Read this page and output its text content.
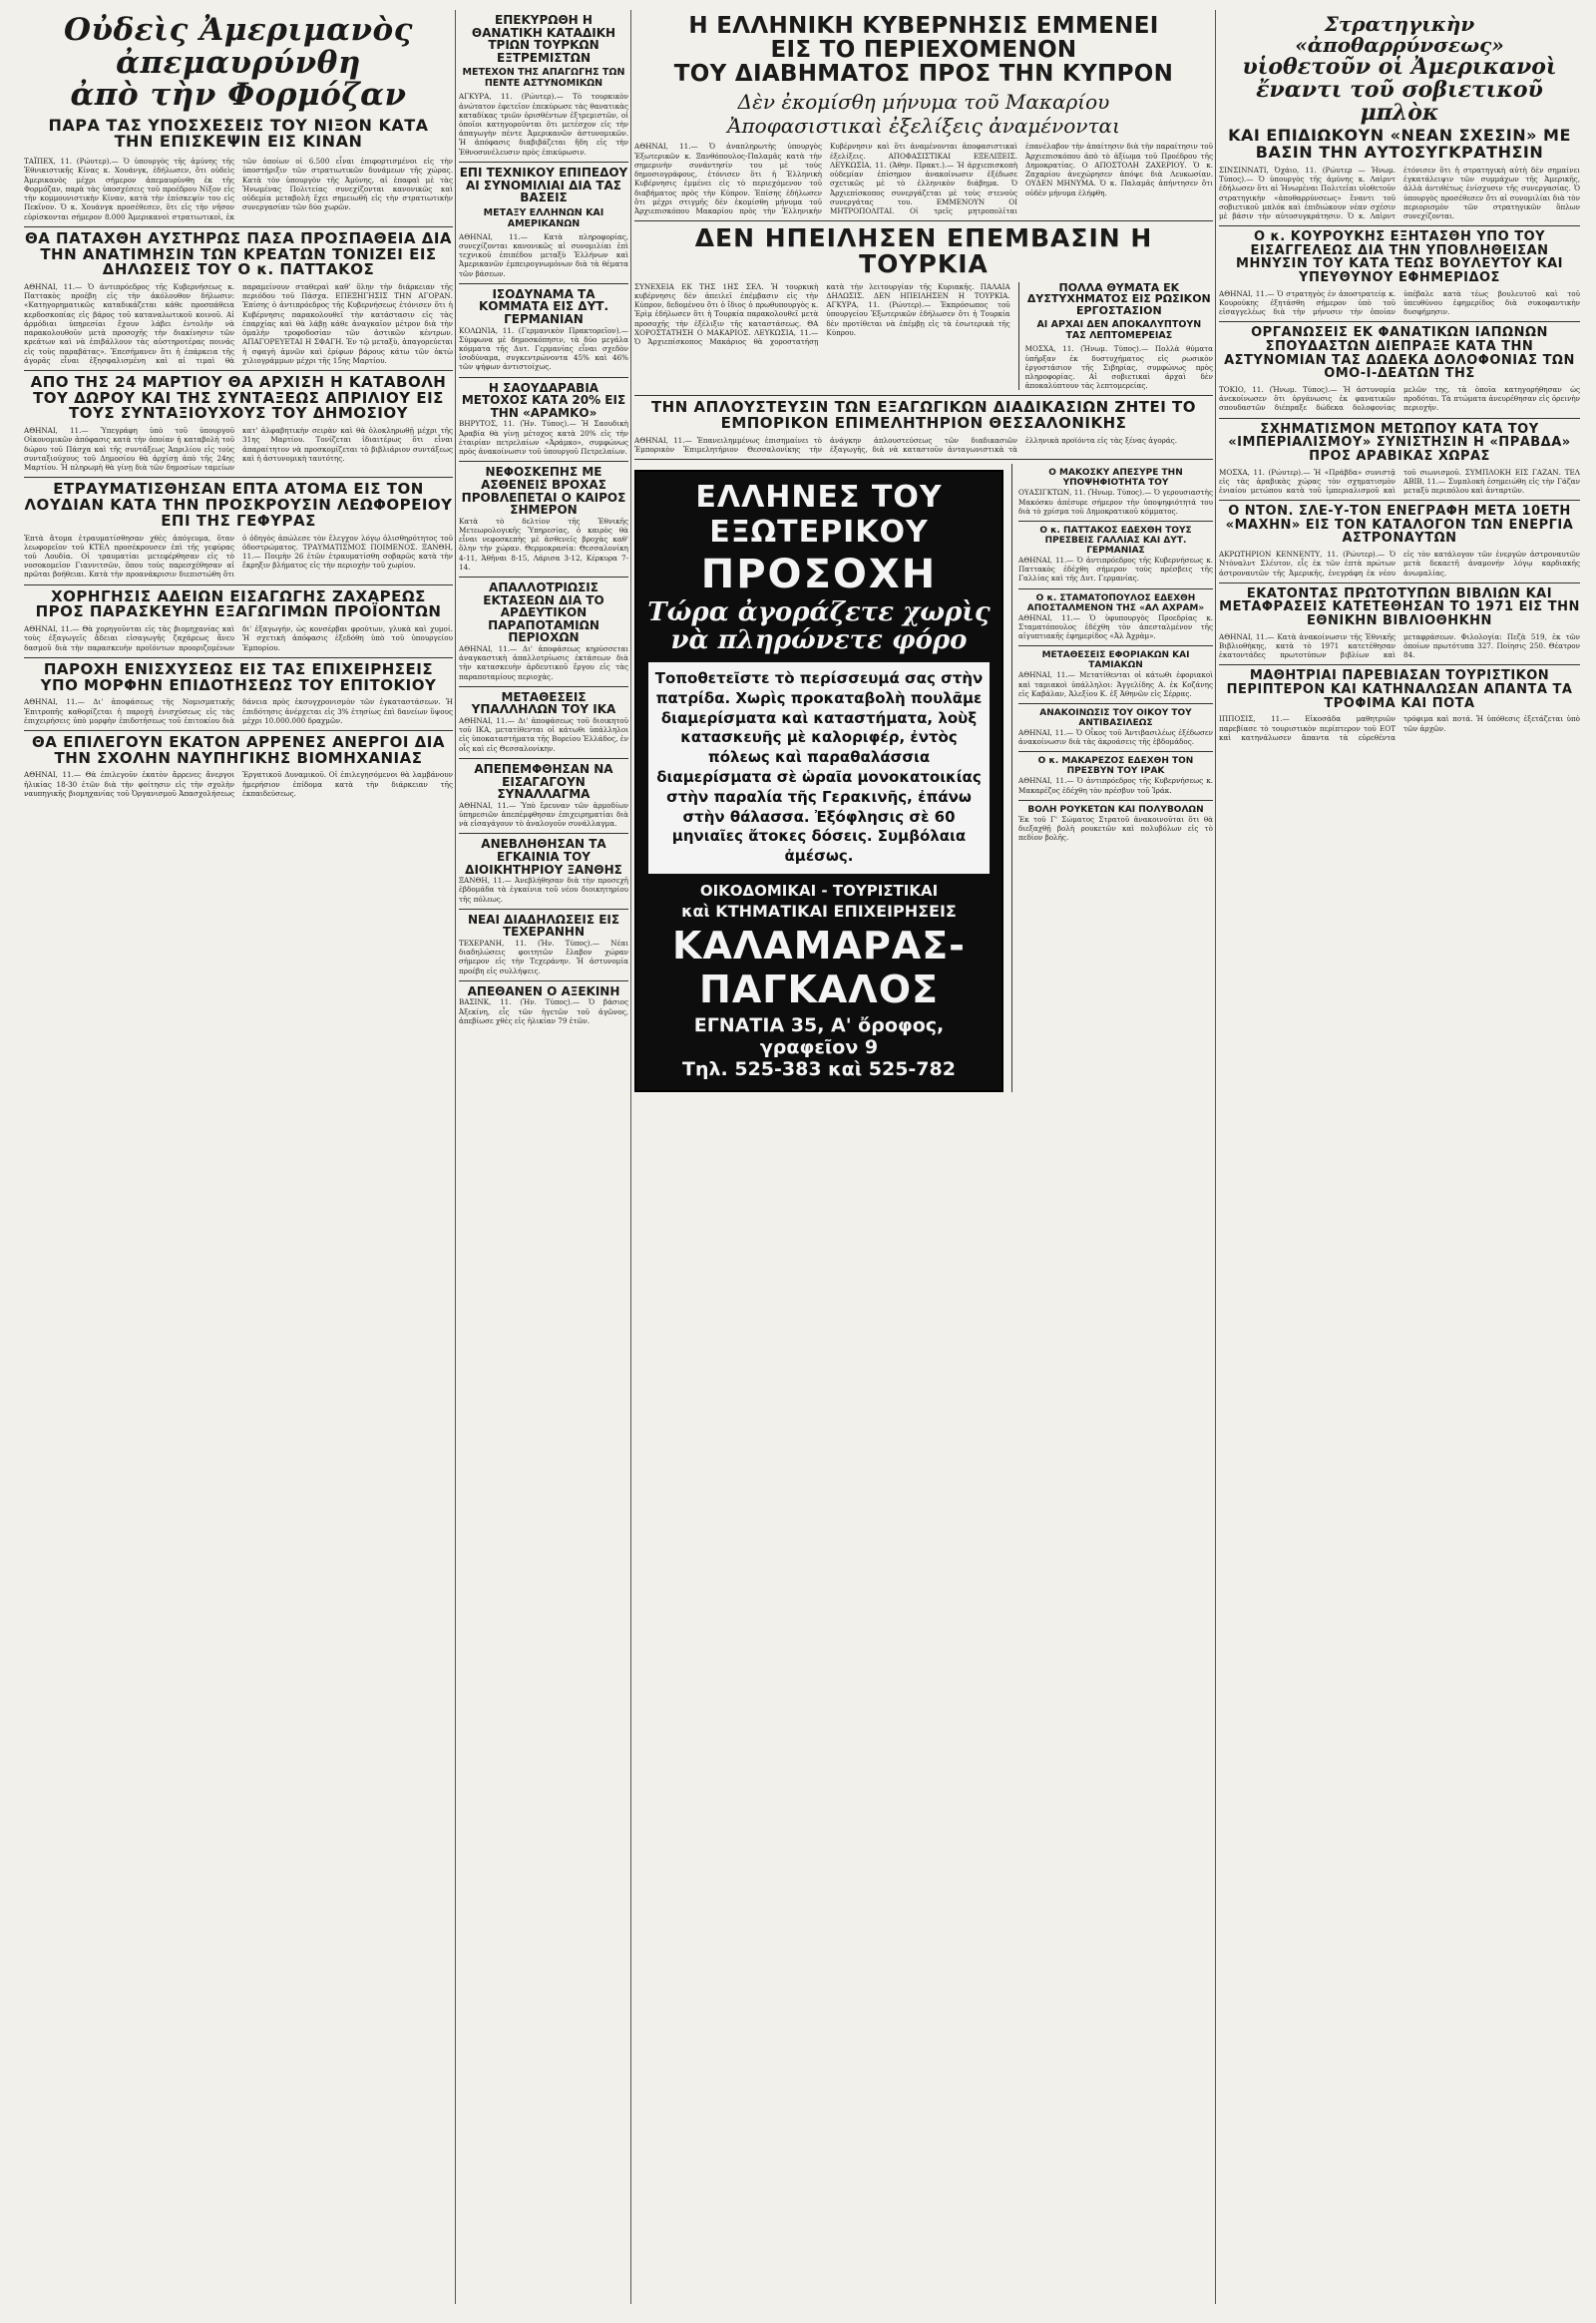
Οὐδεὶς Ἀμεριμανὸς
ἀπεμαυρύνθη
ἀπὸ τὴν Φορμόζαν
ΠΑΡΑ ΤΑΣ ΥΠΟΣΧΕΣΕΙΣ ΤΟΥ ΝΙΞΟΝ ΚΑΤΑ ΤΗΝ ΕΠΙΣΚΕΨΙΝ ΕΙΣ ΚΙΝΑΝ
ΤΑΪΠΕΧ, 11. (Ρώυτερ).— Ὁ ὑπουργὸς τῆς ἀμύνης τῆς Ἐθνικιστικῆς Κίνας κ. Χουάνγκ, ἐδήλωσεν, ὅτι οὐδεὶς Ἀμερικανὸς μέχρι σήμερον ἀπεμαυρύνθη ἐκ τῆς Φορμόζαν, παρὰ τὰς ὑποσχέσεις τοῦ προέδρου Νίξον εἰς τὴν κομμουνιστικὴν Κίναν, κατὰ τὴν ἐπίσκεψίν του εἰς Πεκῖνον. Ὁ κ. Χουάνγκ προσέθεσεν, ὅτι εἰς τὴν νῆσον εὑρίσκονται σήμερον 8.000 Ἀμερικανοὶ στρατιωτικοὶ, ἐκ τῶν ὁποίων οἱ 6.500 εἶναι ἐπιφορτισμένοι εἰς τὴν ὑποστήριξιν τῶν στρατιωτικῶν δυνάμεων τῆς χώρας. Κατὰ τὸν ὑπουργὸν τῆς Ἀμύνης, αἱ ἐπαφαὶ μὲ τὰς Ἡνωμένας Πολιτείας συνεχίζονται κανονικῶς καὶ οὐδεμία μεταβολὴ ἔχει σημειωθῆ εἰς τὴν στρατιωτικὴν συνεργασίαν τῶν δύο χωρῶν.
ΘΑ ΠΑΤΑΧΘΗ ΑΥΣΤΗΡΩΣ ΠΑΣΑ ΠΡΟΣΠΑΘΕΙΑ ΔΙΑ ΤΗΝ ΑΝΑΤΙΜΗΣΙΝ ΤΩΝ ΚΡΕΑΤΩΝ ΤΟΝΙΖΕΙ ΕΙΣ ΔΗΛΩΣΕΙΣ ΤΟΥ Ο κ. ΠΑΤΤΑΚΟΣ
ΑΘΗΝΑΙ, 11.— Ὁ ἀντιπρόεδρος τῆς Κυβερνήσεως κ. Παττακὸς προέβη εἰς τὴν ἀκόλουθον δήλωσιν: «Κατηγορηματικῶς καταδικάζεται κάθε προσπάθεια κερδοσκοπίας εἰς βάρος τοῦ καταναλωτικοῦ κοινοῦ. Αἱ ἁρμόδιαι ὑπηρεσίαι ἔχουν λάβει ἐντολὴν νὰ παρακολουθοῦν μετὰ προσοχῆς τὴν διακίνησιν τῶν κρεάτων καὶ νὰ ἐπιβάλλουν τὰς αὐστηροτέρας ποινάς εἰς τοὺς παραβάτας». Ἐπεσήμανεν ὅτι ἡ ἐπάρκεια τῆς ἀγορᾶς εἶναι ἐξησφαλισμένη καὶ αἱ τιμαὶ θὰ παραμείνουν σταθεραὶ καθ' ὅλην τὴν διάρκειαν τῆς περιόδου τοῦ Πάσχα. ΕΠΕΞΗΓΗΣΙΣ ΤΗΝ ΑΓΟΡΑΝ. Ἐπίσης ὁ ἀντιπρόεδρος τῆς Κυβερνήσεως ἐτόνισεν ὅτι ἡ Κυβέρνησις παρακολουθεῖ τὴν κατάστασιν εἰς τὰς ἐπαρχίας καὶ θὰ λάβῃ κάθε ἀναγκαῖον μέτρον διὰ τὴν ὁμαλὴν τροφοδοσίαν τῶν ἀστικῶν κέντρων. ΑΠΑΓΟΡΕΥΕΤΑΙ Η ΣΦΑΓΗ. Ἐν τῷ μεταξὺ, ἀπαγορεύεται ἡ σφαγὴ ἀμνῶν καὶ ἐρίφων βάρους κάτω τῶν ὀκτὼ χιλιογράμμων μέχρι τῆς 15ης Μαρτίου.
ΑΠΟ ΤΗΣ 24 ΜΑΡΤΙΟΥ ΘΑ ΑΡΧΙΣΗ Η ΚΑΤΑΒΟΛΗ ΤΟΥ ΔΩΡΟΥ ΚΑΙ ΤΗΣ ΣΥΝΤΑΞΕΩΣ ΑΠΡΙΛΙΟΥ ΕΙΣ ΤΟΥΣ ΣΥΝΤΑΞΙΟΥΧΟΥΣ ΤΟΥ ΔΗΜΟΣΙΟΥ
ΑΘΗΝΑΙ, 11.— Ὑπεγράφη ὑπὸ τοῦ ὑπουργοῦ Οἰκονομικῶν ἀπόφασις κατὰ τὴν ὁποίαν ἡ καταβολὴ τοῦ δώρου τοῦ Πάσχα καὶ τῆς συντάξεως Ἀπριλίου εἰς τοὺς συνταξιούχους τοῦ Δημοσίου θὰ ἀρχίσῃ ἀπὸ τῆς 24ης Μαρτίου. Ἡ πληρωμὴ θὰ γίνῃ διὰ τῶν δημοσίων ταμείων κατ' ἀλφαβητικὴν σειρὰν καὶ θὰ ὁλοκληρωθῇ μέχρι τῆς 31ης Μαρτίου. Τονίζεται ἰδιαιτέρως ὅτι εἶναι ἀπαραίτητον νὰ προσκομίζεται τὸ βιβλιάριον συντάξεως καὶ ἡ ἀστυνομικὴ ταυτότης.
ΕΤΡΑΥΜΑΤΙΣΘΗΣΑΝ ΕΠΤΑ ΑΤΟΜΑ ΕΙΣ ΤΟΝ ΛΟΥΔΙΑΝ ΚΑΤΑ ΤΗΝ ΠΡΟΣΚΡΟΥΣΙΝ ΛΕΩΦΟΡΕΙΟΥ ΕΠΙ ΤΗΣ ΓΕΦΥΡΑΣ
Ἑπτὰ ἄτομα ἐτραυματίσθησαν χθὲς ἀπόγευμα, ὅταν λεωφορεῖον τοῦ ΚΤΕΛ προσέκρουσεν ἐπὶ τῆς γεφύρας τοῦ Λουδία. Οἱ τραυματίαι μετεφέρθησαν εἰς τὸ νοσοκομεῖον Γιαννιτσῶν, ὅπου τοὺς παρεσχέθησαν αἱ πρῶται βοήθειαι. Κατὰ τὴν προανάκρισιν διεπιστώθη ὅτι ὁ ὁδηγὸς ἀπώλεσε τὸν ἔλεγχον λόγῳ ὀλισθηρότητος τοῦ ὁδοστρώματος. ΤΡΑΥΜΑΤΙΣΜΟΣ ΠΟΙΜΕΝΟΣ. ΞΑΝΘΗ, 11.— Ποιμὴν 26 ἐτῶν ἐτραυματίσθη σοβαρῶς κατὰ τὴν ἔκρηξιν βλήματος εἰς τὴν περιοχὴν τοῦ χωρίου.
ΧΟΡΗΓΗΣΙΣ ΑΔΕΙΩΝ ΕΙΣΑΓΩΓΗΣ ΖΑΧΑΡΕΩΣ ΠΡΟΣ ΠΑΡΑΣΚΕΥΗΝ ΕΞΑΓΩΓΙΜΩΝ ΠΡΟΪΟΝΤΩΝ
ΑΘΗΝΑΙ, 11.— Θὰ χορηγοῦνται εἰς τὰς βιομηχανίας καὶ τοὺς ἐξαγωγεῖς ἄδειαι εἰσαγωγῆς ζαχάρεως ἄνευ δασμοῦ διὰ τὴν παρασκευὴν προϊόντων προοριζομένων δι' ἐξαγωγήν, ὡς κονσέρβαι φρούτων, γλυκὰ καὶ χυμοί. Ἡ σχετικὴ ἀπόφασις ἐξεδόθη ὑπὸ τοῦ ὑπουργείου Ἐμπορίου.
ΠΑΡΟΧΗ ΕΝΙΣΧΥΣΕΩΣ ΕΙΣ ΤΑΣ ΕΠΙΧΕΙΡΗΣΕΙΣ ΥΠΟ ΜΟΡΦΗΝ ΕΠΙΔΟΤΗΣΕΩΣ ΤΟΥ ΕΠΙΤΟΚΙΟΥ
ΑΘΗΝΑΙ, 11.— Δι' ἀποφάσεως τῆς Νομισματικῆς Ἐπιτροπῆς καθορίζεται ἡ παροχὴ ἐνισχύσεως εἰς τὰς ἐπιχειρήσεις ὑπὸ μορφὴν ἐπιδοτήσεως τοῦ ἐπιτοκίου διὰ δάνεια πρὸς ἐκσυγχρονισμὸν τῶν ἐγκαταστάσεων. Ἡ ἐπιδότησις ἀνέρχεται εἰς 3% ἐτησίως ἐπὶ δανείων ὕψους μέχρι 10.000.000 δραχμῶν.
ΘΑ ΕΠΙΛΕΓΟΥΝ ΕΚΑΤΟΝ ΑΡΡΕΝΕΣ ΑΝΕΡΓΟΙ ΔΙΑ ΤΗΝ ΣΧΟΛΗΝ ΝΑΥΠΗΓΙΚΗΣ ΒΙΟΜΗΧΑΝΙΑΣ
ΑΘΗΝΑΙ, 11.— Θὰ ἐπιλεγοῦν ἑκατὸν ἄρρενες ἄνεργοι ἡλικίας 18-30 ἐτῶν διὰ τὴν φοίτησιν εἰς τὴν σχολὴν ναυπηγικῆς βιομηχανίας τοῦ Ὀργανισμοῦ Ἀπασχολήσεως Ἐργατικοῦ Δυναμικοῦ. Οἱ ἐπιλεγησόμενοι θὰ λαμβάνουν ἡμερήσιον ἐπίδομα κατὰ τὴν διάρκειαν τῆς ἐκπαιδεύσεως.
ΕΠΕΚΥΡΩΘΗ Η ΘΑΝΑΤΙΚΗ ΚΑΤΑΔΙΚΗ ΤΡΙΩΝ ΤΟΥΡΚΩΝ ΕΞΤΡΕΜΙΣΤΩΝ
ΜΕΤΕΧΟΝ ΤΗΣ ΑΠΑΓΩΓΗΣ ΤΩΝ ΠΕΝΤΕ ΑΣΤΥΝΟΜΙΚΩΝ
ΑΓΚΥΡΑ, 11. (Ρώυτερ).— Τὸ τουρκικὸν ἀνώτατον ἐφετεῖον ἐπεκύρωσε τὰς θανατικὰς καταδίκας τριῶν ὁρισθέντων ἐξτρεμιστῶν, οἱ ὁποῖοι κατηγοροῦνται ὅτι μετέσχον εἰς τὴν ἀπαγωγὴν πέντε Ἀμερικανῶν ἀστυνομικῶν. Ἡ ἀπόφασις διαβιβάζεται ἤδη εἰς τὴν Ἐθνοσυνέλευσιν πρὸς ἐπικύρωσιν.
ΕΠΙ ΤΕΧΝΙΚΟΥ ΕΠΙΠΕΔΟΥ ΑΙ ΣΥΝΟΜΙΛΙΑΙ ΔΙΑ ΤΑΣ ΒΑΣΕΙΣ
ΜΕΤΑΞΥ ΕΛΛΗΝΩΝ ΚΑΙ ΑΜΕΡΙΚΑΝΩΝ
ΑΘΗΝΑΙ, 11.— Κατὰ πληροφορίας, συνεχίζονται κανονικῶς αἱ συνομιλίαι ἐπὶ τεχνικοῦ ἐπιπέδου μεταξὺ Ἑλλήνων καὶ Ἀμερικανῶν ἐμπειρογνωμόνων διὰ τὰ θέματα τῶν βάσεων.
ΙΣΟΔΥΝΑΜΑ ΤΑ ΚΟΜΜΑΤΑ ΕΙΣ ΔΥΤ. ΓΕΡΜΑΝΙΑΝ
ΚΟΛΩΝΙΑ, 11. (Γερμανικὸν Πρακτορεῖον).— Σύμφωνα μὲ δημοσκόπησιν, τὰ δύο μεγάλα κόμματα τῆς Δυτ. Γερμανίας εἶναι σχεδὸν ἰσοδύναμα, συγκεντρώνοντα 45% καὶ 46% τῶν ψήφων ἀντιστοίχως.
Η ΣΑΟΥΔΑΡΑΒΙΑ ΜΕΤΟΧΟΣ ΚΑΤΑ 20% ΕΙΣ ΤΗΝ «ΑΡΑΜΚΟ»
ΒΗΡΥΤΟΣ, 11. (Ἡν. Τύπος).— Ἡ Σαουδικὴ Ἀραβία θὰ γίνῃ μέτοχος κατὰ 20% εἰς τὴν ἑταιρίαν πετρελαίων «Ἀράμκο», συμφώνως πρὸς ἀνακοίνωσιν τοῦ ὑπουργοῦ Πετρελαίων.
ΝΕΦΟΣΚΕΠΗΣ ΜΕ ΑΣΘΕΝΕΙΣ ΒΡΟΧΑΣ ΠΡΟΒΛΕΠΕΤΑΙ Ο ΚΑΙΡΟΣ ΣΗΜΕΡΟΝ
Κατὰ τὸ δελτίον τῆς Ἐθνικῆς Μετεωρολογικῆς Ὑπηρεσίας, ὁ καιρὸς θὰ εἶναι νεφοσκεπὴς μὲ ἀσθενεῖς βροχὰς καθ' ὅλην τὴν χώραν. Θερμοκρασία: Θεσσαλονίκη 4-11, Ἀθῆναι 8-15, Λάρισα 3-12, Κέρκυρα 7-14.
ΑΠΑΛΛΟΤΡΙΩΣΙΣ ΕΚΤΑΣΕΩΝ ΔΙΑ ΤΟ ΑΡΔΕΥΤΙΚΟΝ ΠΑΡΑΠΟΤΑΜΙΩΝ ΠΕΡΙΟΧΩΝ
ΑΘΗΝΑΙ, 11.— Δι' ἀποφάσεως κηρύσσεται ἀναγκαστικὴ ἀπαλλοτρίωσις ἐκτάσεων διὰ τὴν κατασκευὴν ἀρδευτικοῦ ἔργου εἰς τὰς παραποταμίους περιοχάς.
ΜΕΤΑΘΕΣΕΙΣ ΥΠΑΛΛΗΛΩΝ ΤΟΥ ΙΚΑ
ΑΘΗΝΑΙ, 11.— Δι' ἀποφάσεως τοῦ διοικητοῦ τοῦ ΙΚΑ, μετατίθενται οἱ κάτωθι ὑπάλληλοι εἰς ὑποκαταστήματα τῆς Βορείου Ἑλλάδος, ἐν οἷς καὶ εἰς Θεσσαλονίκην.
ΑΠΕΠΕΜΦΘΗΣΑΝ ΝΑ ΕΙΣΑΓΑΓΟΥΝ ΣΥΝΑΛΛΑΓΜΑ
ΑΘΗΝΑΙ, 11.— Ὑπὸ ἔρευναν τῶν ἁρμοδίων ὑπηρεσιῶν ἀπεπέμφθησαν ἐπιχειρηματίαι διὰ νὰ εἰσαγάγουν τὸ ἀναλογοῦν συνάλλαγμα.
ΑΝΕΒΛΗΘΗΣΑΝ ΤΑ ΕΓΚΑΙΝΙΑ ΤΟΥ ΔΙΟΙΚΗΤΗΡΙΟΥ ΞΑΝΘΗΣ
ΞΑΝΘΗ, 11.— Ἀνεβλήθησαν διὰ τὴν προσεχῆ ἑβδομάδα τὰ ἐγκαίνια τοῦ νέου διοικητηρίου τῆς πόλεως.
ΝΕΑΙ ΔΙΑΔΗΛΩΣΕΙΣ ΕΙΣ ΤΕΧΕΡΑΝΗΝ
ΤΕΧΕΡΑΝΗ, 11. (Ἡν. Τύπος).— Νέαι διαδηλώσεις φοιτητῶν ἔλαβον χώραν σήμερον εἰς τὴν Τεχεράνην. Ἡ ἀστυνομία προέβη εἰς συλλήψεις.
ΑΠΕΘΑΝΕΝ Ο ΑΞΕΚΙΝΗ
ΒΑΣΙΝΚ, 11. (Ἡν. Τύπος).— Ὁ βάσιος Ἀξεκίνη, εἷς τῶν ἡγετῶν τοῦ ἀγῶνος, ἀπεβίωσε χθὲς εἰς ἡλικίαν 79 ἐτῶν.
Η ΕΛΛΗΝΙΚΗ ΚΥΒΕΡΝΗΣΙΣ ΕΜΜΕΝΕΙ
ΕΙΣ ΤΟ ΠΕΡΙΕΧΟΜΕΝΟΝ
ΤΟΥ ΔΙΑΒΗΜΑΤΟΣ ΠΡΟΣ ΤΗΝ ΚΥΠΡΟΝ
Δὲν ἐκομίσθη μήνυμα τοῦ Μακαρίου
Ἀποφασιστικαὶ ἐξελίξεις ἀναμένονται
ΑΘΗΝΑΙ, 11.— Ὁ ἀναπληρωτὴς ὑπουργὸς Ἐξωτερικῶν κ. Ξανθόπουλος-Παλαμᾶς κατὰ τὴν σημερινὴν συνάντησίν του μὲ τοὺς δημοσιογράφους, ἐτόνισεν ὅτι ἡ Ἑλληνικὴ Κυβέρνησις ἐμμένει εἰς τὸ περιεχόμενον τοῦ διαβήματος πρὸς τὴν Κύπρον. Ἐπίσης ἐδήλωσεν ὅτι μέχρι στιγμῆς δὲν ἐκομίσθη μήνυμα τοῦ Ἀρχιεπισκόπου Μακαρίου πρὸς τὴν Ἑλληνικὴν Κυβέρνησιν καὶ ὅτι ἀναμένονται ἀποφασιστικαὶ ἐξελίξεις. ΑΠΟΦΑΣΙΣΤΙΚΑΙ ΕΞΕΛΙΞΕΙΣ. ΛΕΥΚΩΣΙΑ, 11. (Ἀθην. Πρακτ.).— Ἡ ἀρχιεπισκοπὴ οὐδεμίαν ἐπίσημον ἀνακοίνωσιν ἐξέδωσε σχετικῶς μὲ τὸ ἑλληνικὸν διάβημα. Ὁ Ἀρχιεπίσκοπος συνεργάζεται μὲ τοὺς στενοὺς συνεργάτας του. ΕΜΜΕΝΟΥΝ ΟΙ ΜΗΤΡΟΠΟΛΙΤΑΙ. Οἱ τρεῖς μητροπολῖται ἐπανέλαβον τὴν ἀπαίτησιν διὰ τὴν παραίτησιν τοῦ Ἀρχιεπισκόπου ἀπὸ τὸ ἀξίωμα τοῦ Προέδρου τῆς Δημοκρατίας. Ο ΑΠΟΣΤΟΛΗ ΖΑΧΕΡΙΟΥ. Ὁ κ. Ζαχαρίου ἀνεχώρησεν ἀπόψε διὰ Λευκωσίαν. ΟΥΔΕΝ ΜΗΝΥΜΑ. Ὁ κ. Παλαμᾶς ἀπήντησεν ὅτι οὐδὲν μήνυμα ἐλήφθη.
ΔΕΝ ΗΠΕΙΛΗΣΕΝ ΕΠΕΜΒΑΣΙΝ Η ΤΟΥΡΚΙΑ
ΣΥΝΕΧΕΙΑ ΕΚ ΤΗΣ 1ΗΣ ΣΕΛ. Ἡ τουρκικὴ κυβέρνησις δὲν ἀπειλεῖ ἐπέμβασιν εἰς τὴν Κύπρον, δεδομένου ὅτι ὁ ἴδιος ὁ πρωθυπουργὸς κ. Ἐρὶμ ἐδήλωσεν ὅτι ἡ Τουρκία παρακολουθεῖ μετὰ προσοχῆς τὴν ἐξέλιξιν τῆς καταστάσεως. ΘΑ ΧΟΡΟΣΤΑΤΗΣΗ Ο ΜΑΚΑΡΙΟΣ. ΛΕΥΚΩΣΙΑ, 11.— Ὁ Ἀρχιεπίσκοπος Μακάριος θὰ χοροστατήσῃ κατὰ τὴν λειτουργίαν τῆς Κυριακῆς. ΠΑΛΑΙΑ ΔΗΛΩΣΙΣ. ΔΕΝ ΗΠΕΙΛΗΣΕΝ Η ΤΟΥΡΚΙΑ. ΑΓΚΥΡΑ, 11. (Ρώυτερ).— Ἐκπρόσωπος τοῦ ὑπουργείου Ἐξωτερικῶν ἐδήλωσεν ὅτι ἡ Τουρκία δὲν προτίθεται νὰ ἐπέμβῃ εἰς τὰ ἐσωτερικὰ τῆς Κύπρου.
ΠΟΛΛΑ ΘΥΜΑΤΑ ΕΚ ΔΥΣΤΥΧΗΜΑΤΟΣ ΕΙΣ ΡΩΣΙΚΟΝ ΕΡΓΟΣΤΑΣΙΟΝ
ΑΙ ΑΡΧΑΙ ΔΕΝ ΑΠΟΚΑΛΥΠΤΟΥΝ ΤΑΣ ΛΕΠΤΟΜΕΡΕΙΑΣ
ΜΟΣΧΑ, 11. (Ἡνωμ. Τύπος).— Πολλὰ θύματα ὑπῆρξαν ἐκ δυστυχήματος εἰς ρωσικὸν ἐργοστάσιον τῆς Σιβηρίας, συμφώνως πρὸς πληροφορίας. Αἱ σοβιετικαὶ ἀρχαὶ δὲν ἀποκαλύπτουν τὰς λεπτομερείας.
ΤΗΝ ΑΠΛΟΥΣΤΕΥΣΙΝ ΤΩΝ ΕΞΑΓΩΓΙΚΩΝ ΔΙΑΔΙΚΑΣΙΩΝ ΖΗΤΕΙ ΤΟ ΕΜΠΟΡΙΚΟΝ ΕΠΙΜΕΛΗΤΗΡΙΟΝ ΘΕΣΣΑΛΟΝΙΚΗΣ
ΑΘΗΝΑΙ, 11.— Ἐπανειλημμένως ἐπισημαίνει τὸ Ἐμπορικὸν Ἐπιμελητήριον Θεσσαλονίκης τὴν ἀνάγκην ἀπλουστεύσεως τῶν διαδικασιῶν ἐξαγωγῆς, διὰ νὰ καταστοῦν ἀνταγωνιστικὰ τὰ ἑλληνικὰ προϊόντα εἰς τὰς ξένας ἀγοράς.
ΕΛΛΗΝΕΣ ΤΟΥ ΕΞΩΤΕΡΙΚΟΥ
ΠΡΟΣΟΧΗ
Τώρα ἀγοράζετε χωρὶς νὰ πληρώνετε φόρο
Τοποθετεῖστε τὸ περίσσευμά σας στὴν πατρίδα. Χωρὶς προκαταβολὴ πουλᾶμε διαμερίσματα καὶ καταστήματα, λοὺξ κατασκευῆς μὲ καλοριφέρ, ἐντὸς πόλεως καὶ παραθαλάσσια διαμερίσματα σὲ ὡραῖα μονοκατοικίας στὴν παραλία τῆς Γερακινῆς, ἐπάνω στὴν θάλασσα. Ἐξόφλησις σὲ 60 μηνιαῖες ἄτοκες δόσεις. Συμβόλαια ἀμέσως.
ΟΙΚΟΔΟΜΙΚΑΙ - ΤΟΥΡΙΣΤΙΚΑΙ
καὶ ΚΤΗΜΑΤΙΚΑΙ ΕΠΙΧΕΙΡΗΣΕΙΣ
ΚΑΛΑΜΑΡΑΣ-ΠΑΓΚΑΛΟΣ
ΕΓΝΑΤΙΑ 35, Α' ὄροφος, γραφεῖον 9
Τηλ. 525-383 καὶ 525-782
Ο ΜΑΚΟΣΚΥ ΑΠΕΣΥΡΕ ΤΗΝ ΥΠΟΨΗΦΙΟΤΗΤΑ ΤΟΥ
ΟΥΑΣΙΓΚΤΩΝ, 11. (Ἡνωμ. Τύπος).— Ὁ γερουσιαστὴς Μακόσκυ ἀπέσυρε σήμερον τὴν ὑποψηφιότητά του διὰ τὸ χρίσμα τοῦ Δημοκρατικοῦ κόμματος.
Ο κ. ΠΑΤΤΑΚΟΣ ΕΔΕΧΘΗ ΤΟΥΣ ΠΡΕΣΒΕΙΣ ΓΑΛΛΙΑΣ ΚΑΙ ΔΥΤ. ΓΕΡΜΑΝΙΑΣ
ΑΘΗΝΑΙ, 11.— Ὁ ἀντιπρόεδρος τῆς Κυβερνήσεως κ. Παττακὸς ἐδέχθη σήμερον τοὺς πρέσβεις τῆς Γαλλίας καὶ τῆς Δυτ. Γερμανίας.
Ο κ. ΣΤΑΜΑΤΟΠΟΥΛΟΣ ΕΔΕΧΘΗ ΑΠΟΣΤΑΛΜΕΝΟΝ ΤΗΣ «ΑΛ ΑΧΡΑΜ»
ΑΘΗΝΑΙ, 11.— Ὁ ὑφυπουργὸς Προεδρίας κ. Σταματόπουλος ἐδέχθη τὸν ἀπεσταλμένον τῆς αἰγυπτιακῆς ἐφημερίδος «Ἀλ Ἀχρὰμ».
ΜΕΤΑΘΕΣΕΙΣ ΕΦΟΡΙΑΚΩΝ ΚΑΙ ΤΑΜΙΑΚΩΝ
ΑΘΗΝΑΙ, 11.— Μετατίθενται οἱ κάτωθι ἐφοριακοὶ καὶ ταμιακοὶ ὑπάλληλοι: Ἀγγελίδης Α. ἐκ Κοζάνης εἰς Καβάλαν, Ἀλεξίου Κ. ἐξ Ἀθηνῶν εἰς Σέρρας.
ΑΝΑΚΟΙΝΩΣΙΣ ΤΟΥ ΟΙΚΟΥ ΤΟΥ ΑΝΤΙΒΑΣΙΛΕΩΣ
ΑΘΗΝΑΙ, 11.— Ὁ Οἶκος τοῦ Ἀντιβασιλέως ἐξέδωσεν ἀνακοίνωσιν διὰ τὰς ἀκροάσεις τῆς ἑβδομάδος.
Ο κ. ΜΑΚΑΡΕΖΟΣ ΕΔΕΧΘΗ ΤΟΝ ΠΡΕΣΒΥΝ ΤΟΥ ΙΡΑΚ
ΑΘΗΝΑΙ, 11.— Ὁ ἀντιπρόεδρος τῆς Κυβερνήσεως κ. Μακαρέζος ἐδέχθη τὸν πρέσβυν τοῦ Ἰράκ.
ΒΟΛΗ ΡΟΥΚΕΤΩΝ ΚΑΙ ΠΟΛΥΒΟΛΩΝ
Ἐκ τοῦ Γ' Σώματος Στρατοῦ ἀνακοινοῦται ὅτι θὰ διεξαχθῇ βολὴ ρουκετῶν καὶ πολυβόλων εἰς τὸ πεδίον βολῆς.
Στρατηγικὴν «ἀποθαρρύνσεως»
υἱοθετοῦν οἱ Ἀμερικανοὶ
ἔναντι τοῦ σοβιετικοῦ μπλὸκ
ΚΑΙ ΕΠΙΔΙΩΚΟΥΝ «ΝΕΑΝ ΣΧΕΣΙΝ» ΜΕ ΒΑΣΙΝ ΤΗΝ ΑΥΤΟΣΥΓΚΡΑΤΗΣΙΝ
ΣΙΝΣΙΝΝΑΤΙ, Ὀχάιο, 11. (Ρώυτερ — Ἡνωμ. Τύπος).— Ὁ ὑπουργὸς τῆς ἀμύνης κ. Λαὶρντ ἐδήλωσεν ὅτι αἱ Ἡνωμέναι Πολιτεῖαι υἱοθετοῦν στρατηγικὴν «ἀποθαρρύνσεως» ἔναντι τοῦ σοβιετικοῦ μπλόκ καὶ ἐπιδιώκουν νέαν σχέσιν μὲ βάσιν τὴν αὐτοσυγκράτησιν. Ὁ κ. Λαὶρντ ἐτόνισεν ὅτι ἡ στρατηγικὴ αὐτὴ δὲν σημαίνει ἐγκατάλειψιν τῶν συμμάχων τῆς Ἀμερικῆς, ἀλλὰ ἀντιθέτως ἐνίσχυσιν τῆς συνεργασίας. Ὁ ὑπουργὸς προσέθεσεν ὅτι αἱ συνομιλίαι διὰ τὸν περιορισμὸν τῶν στρατηγικῶν ὅπλων συνεχίζονται.
Ο κ. ΚΟΥΡΟΥΚΗΣ ΕΞΗΤΑΣΘΗ ΥΠΟ ΤΟΥ ΕΙΣΑΓΓΕΛΕΩΣ ΔΙΑ ΤΗΝ ΥΠΟΒΛΗΘΕΙΣΑΝ ΜΗΝΥΣΙΝ ΤΟΥ ΚΑΤΑ ΤΕΩΣ ΒΟΥΛΕΥΤΟΥ ΚΑΙ ΥΠΕΥΘΥΝΟΥ ΕΦΗΜΕΡΙΔΟΣ
ΑΘΗΝΑΙ, 11.— Ὁ στρατηγὸς ἐν ἀποστρατείᾳ κ. Κουρούκης ἐξητάσθη σήμερον ὑπὸ τοῦ εἰσαγγελέως διὰ τὴν μήνυσιν τὴν ὁποίαν ὑπέβαλε κατὰ τέως βουλευτοῦ καὶ τοῦ ὑπευθύνου ἐφημερίδος διὰ συκοφαντικὴν δυσφήμησιν.
ΟΡΓΑΝΩΣΕΙΣ ΕΚ ΦΑΝΑΤΙΚΩΝ ΙΑΠΩΝΩΝ ΣΠΟΥΔΑΣΤΩΝ ΔΙΕΠΡΑΞΕ ΚΑΤΑ ΤΗΝ ΑΣΤΥΝΟΜΙΑΝ ΤΑΣ ΔΩΔΕΚΑ ΔΟΛΟΦΟΝΙΑΣ ΤΩΝ ΟΜΟ-Ι-ΔΕΑΤΩΝ ΤΗΣ
ΤΟΚΙΟ, 11. (Ἡνωμ. Τύπος).— Ἡ ἀστυνομία ἀνεκοίνωσεν ὅτι ὀργάνωσις ἐκ φανατικῶν σπουδαστῶν διέπραξε δώδεκα δολοφονίας μελῶν της, τὰ ὁποῖα κατηγορήθησαν ὡς προδόται. Τὰ πτώματα ἀνευρέθησαν εἰς ὀρεινὴν περιοχήν.
ΣΧΗΜΑΤΙΣΜΟΝ ΜΕΤΩΠΟΥ ΚΑΤΑ ΤΟΥ «ΙΜΠΕΡΙΑΛΙΣΜΟΥ» ΣΥΝΙΣΤΗΣΙΝ Η «ΠΡΑΒΔΑ» ΠΡΟΣ ΑΡΑΒΙΚΑΣ ΧΩΡΑΣ
ΜΟΣΧΑ, 11. (Ρώυτερ).— Ἡ «Πράβδα» συνιστᾷ εἰς τὰς ἀραβικὰς χώρας τὸν σχηματισμὸν ἑνιαίου μετώπου κατὰ τοῦ ἰμπεριαλισμοῦ καὶ τοῦ σιωνισμοῦ. ΣΥΜΠΛΟΚΗ ΕΙΣ ΓΑΖΑΝ. ΤΕΛ ΑΒΙΒ, 11.— Συμπλοκὴ ἐσημειώθη εἰς τὴν Γάζαν μεταξὺ περιπόλου καὶ ἀνταρτῶν.
Ο ΝΤΟΝ. ΣΛΕ-Υ-ΤΟΝ ΕΝΕΓΡΑΦΗ ΜΕΤΑ 10ΕΤΗ «ΜΑΧΗΝ» ΕΙΣ ΤΟΝ ΚΑΤΑΛΟΓΟΝ ΤΩΝ ΕΝΕΡΓΙΑ ΑΣΤΡΟΝΑΥΤΩΝ
ΑΚΡΩΤΗΡΙΟΝ ΚΕΝΝΕΝΤΥ, 11. (Ρώυτερ).— Ὁ Ντὸναλντ Σλέυτον, εἷς ἐκ τῶν ἑπτὰ πρώτων ἀστροναυτῶν τῆς Ἀμερικῆς, ἐνεγράφη ἐκ νέου εἰς τὸν κατάλογον τῶν ἐνεργῶν ἀστροναυτῶν μετὰ δεκαετῆ ἀναμονήν λόγῳ καρδιακῆς ἀνωμαλίας.
ΕΚΑΤΟΝΤΑΣ ΠΡΩΤΟΤΥΠΩΝ ΒΙΒΛΙΩΝ ΚΑΙ ΜΕΤΑΦΡΑΣΕΙΣ ΚΑΤΕΤΕΘΗΣΑΝ ΤΟ 1971 ΕΙΣ ΤΗΝ ΕΘΝΙΚΗΝ ΒΙΒΛΙΟΘΗΚΗΝ
ΑΘΗΝΑΙ, 11.— Κατὰ ἀνακοίνωσιν τῆς Ἐθνικῆς Βιβλιοθήκης, κατὰ τὸ 1971 κατετέθησαν ἑκατοντάδες πρωτοτύπων βιβλίων καὶ μεταφράσεων. Φιλολογία: Πεζὰ 519, ἐκ τῶν ὁποίων πρωτότυπα 327. Ποίησις 250. Θέατρον 84.
ΜΑΘΗΤΡΙΑΙ ΠΑΡΕΒΙΑΣΑΝ ΤΟΥΡΙΣΤΙΚΟΝ ΠΕΡΙΠΤΕΡΟΝ ΚΑΙ ΚΑΤΗΝΑΛΩΣΑΝ ΑΠΑΝΤΑ ΤΑ ΤΡΟΦΙΜΑ ΚΑΙ ΠΟΤΑ
ΙΠΠΟΣΙΣ, 11.— Εἰκοσάδα μαθητριῶν παρεβίασε τὸ τουριστικὸν περίπτερον τοῦ ΕΟΤ καὶ κατηνάλωσεν ἅπαντα τὰ εὑρεθέντα τρόφιμα καὶ ποτά. Ἡ ὑπόθεσις ἐξετάζεται ὑπὸ τῶν ἀρχῶν.
